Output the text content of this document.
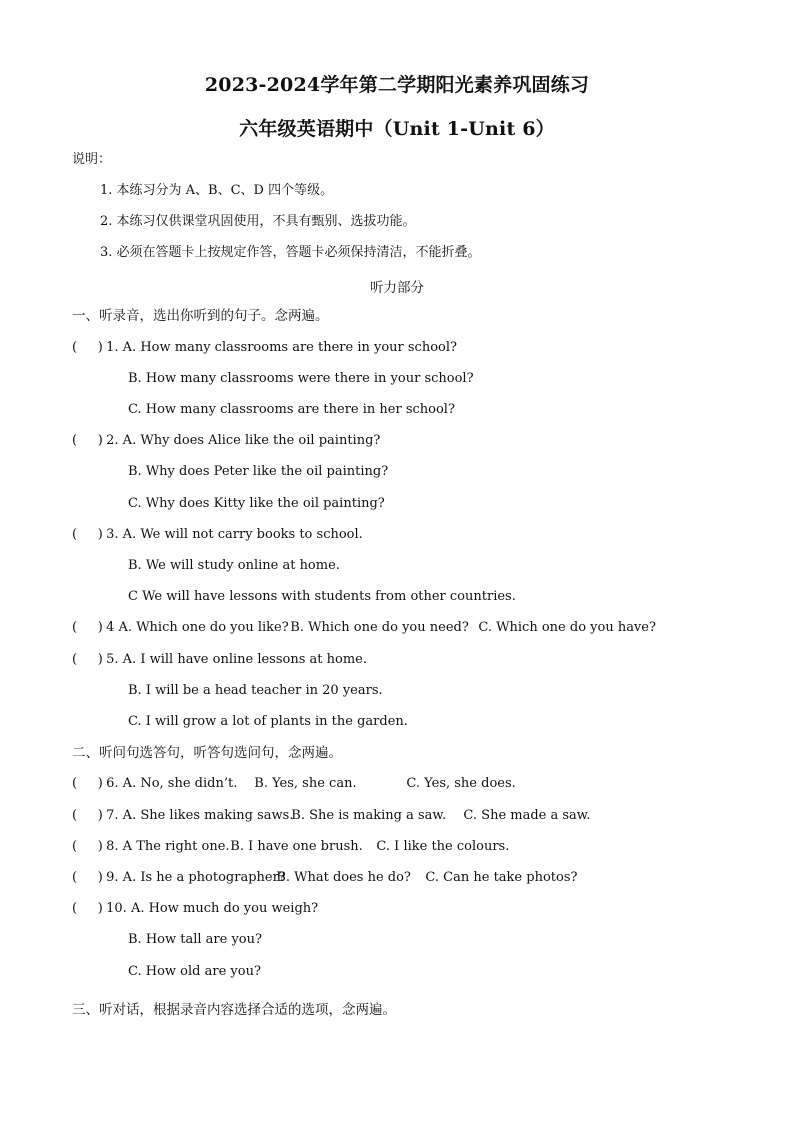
2023-2024学年第二学期阳光素养巩固练习
六年级英语期中（Unit 1-Unit 6）
说明：
1. 本练习分为 A、B、C、D 四个等级。
2. 本练习仅供课堂巩固使用，不具有甄别、选拔功能。
3. 必须在答题卡上按规定作答，答题卡必须保持清洁，不能折叠。
听力部分
一、听录音，选出你听到的句子。念两遍。
( ) 1. A. How many classrooms are there in your school?
B. How many classrooms were there in your school?
C. How many classrooms are there in her school?
( ) 2. A. Why does Alice like the oil painting?
B. Why does Peter like the oil painting?
C. Why does Kitty like the oil painting?
( ) 3. A. We will not carry books to school.
B. We will study online at home.
C We will have lessons with students from other countries.
( ) 4 A. Which one do you like? B. Which one do you need? C. Which one do you have?
( ) 5. A. I will have online lessons at home.
B. I will be a head teacher in 20 years.
C. I will grow a lot of plants in the garden.
二、听问句选答句，听答句选问句，念两遍。
( ) 6. A. No, she didn’t. B. Yes, she can.	C. Yes, she does.
( ) 7. A. She likes making saws. B. She is making a saw. C. She made a saw.
( ) 8. A The right one. B. I have one brush. C. I like the colours.
( ) 9. A. Is he a photographer? B. What does he do? C. Can he take photos?
( ) 10. A. How much do you weigh?
B. How tall are you?
C. How old are you?
三、听对话，根据录音内容选择合适的选项，念两遍。
